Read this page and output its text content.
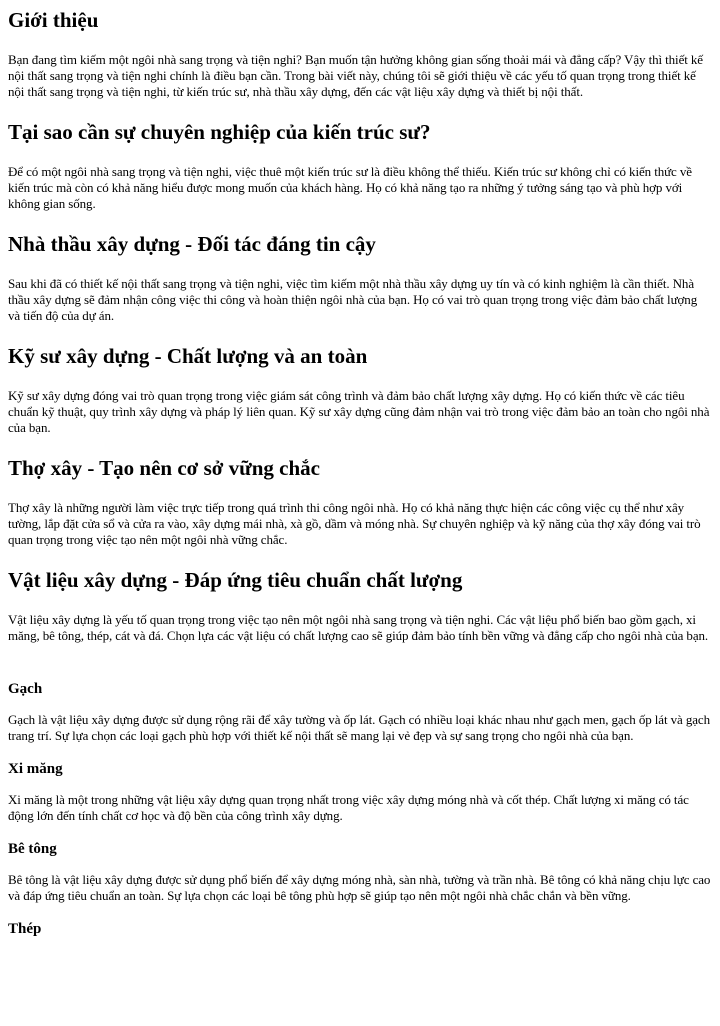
Giới thiệu

Bạn đang tìm kiếm một ngôi nhà sang trọng và tiện nghi? Bạn muốn tận hưởng không gian sống thoải mái và đẳng cấp? Vậy thì thiết kế nội thất sang trọng và tiện nghi chính là điều bạn cần. Trong bài viết này, chúng tôi sẽ giới thiệu về các yếu tố quan trọng trong thiết kế nội thất sang trọng và tiện nghi, từ kiến trúc sư, nhà thầu xây dựng, đến các vật liệu xây dựng và thiết bị nội thất.

Tại sao cần sự chuyên nghiệp của kiến trúc sư?

Để có một ngôi nhà sang trọng và tiện nghi, việc thuê một kiến trúc sư là điều không thể thiếu. Kiến trúc sư không chỉ có kiến thức về kiến trúc mà còn có khả năng hiểu được mong muốn của khách hàng. Họ có khả năng tạo ra những ý tưởng sáng tạo và phù hợp với không gian sống.

Nhà thầu xây dựng - Đối tác đáng tin cậy

Sau khi đã có thiết kế nội thất sang trọng và tiện nghi, việc tìm kiếm một nhà thầu xây dựng uy tín và có kinh nghiệm là cần thiết. Nhà thầu xây dựng sẽ đảm nhận công việc thi công và hoàn thiện ngôi nhà của bạn. Họ có vai trò quan trọng trong việc đảm bảo chất lượng và tiến độ của dự án.

Kỹ sư xây dựng - Chất lượng và an toàn

Kỹ sư xây dựng đóng vai trò quan trọng trong việc giám sát công trình và đảm bảo chất lượng xây dựng. Họ có kiến thức về các tiêu chuẩn kỹ thuật, quy trình xây dựng và pháp lý liên quan. Kỹ sư xây dựng cũng đảm nhận vai trò trong việc đảm bảo an toàn cho ngôi nhà của bạn.

Thợ xây - Tạo nên cơ sở vững chắc

Thợ xây là những người làm việc trực tiếp trong quá trình thi công ngôi nhà. Họ có khả năng thực hiện các công việc cụ thể như xây tường, lắp đặt cửa sổ và cửa ra vào, xây dựng mái nhà, xà gồ, dầm và móng nhà. Sự chuyên nghiệp và kỹ năng của thợ xây đóng vai trò quan trọng trong việc tạo nên một ngôi nhà vững chắc.

Vật liệu xây dựng - Đáp ứng tiêu chuẩn chất lượng

Vật liệu xây dựng là yếu tố quan trọng trong việc tạo nên một ngôi nhà sang trọng và tiện nghi. Các vật liệu phổ biến bao gồm gạch, xi măng, bê tông, thép, cát và đá. Chọn lựa các vật liệu có chất lượng cao sẽ giúp đảm bảo tính bền vững và đẳng cấp cho ngôi nhà của bạn.

Gạch

Gạch là vật liệu xây dựng được sử dụng rộng rãi để xây tường và ốp lát. Gạch có nhiều loại khác nhau như gạch men, gạch ốp lát và gạch trang trí. Sự lựa chọn các loại gạch phù hợp với thiết kế nội thất sẽ mang lại vẻ đẹp và sự sang trọng cho ngôi nhà của bạn.

Xi măng

Xi măng là một trong những vật liệu xây dựng quan trọng nhất trong việc xây dựng móng nhà và cốt thép. Chất lượng xi măng có tác động lớn đến tính chất cơ học và độ bền của công trình xây dựng.

Bê tông

Bê tông là vật liệu xây dựng được sử dụng phổ biến để xây dựng móng nhà, sàn nhà, tường và trần nhà. Bê tông có khả năng chịu lực cao và đáp ứng tiêu chuẩn an toàn. Sự lựa chọn các loại bê tông phù hợp sẽ giúp tạo nên một ngôi nhà chắc chắn và bền vững.

Thép
